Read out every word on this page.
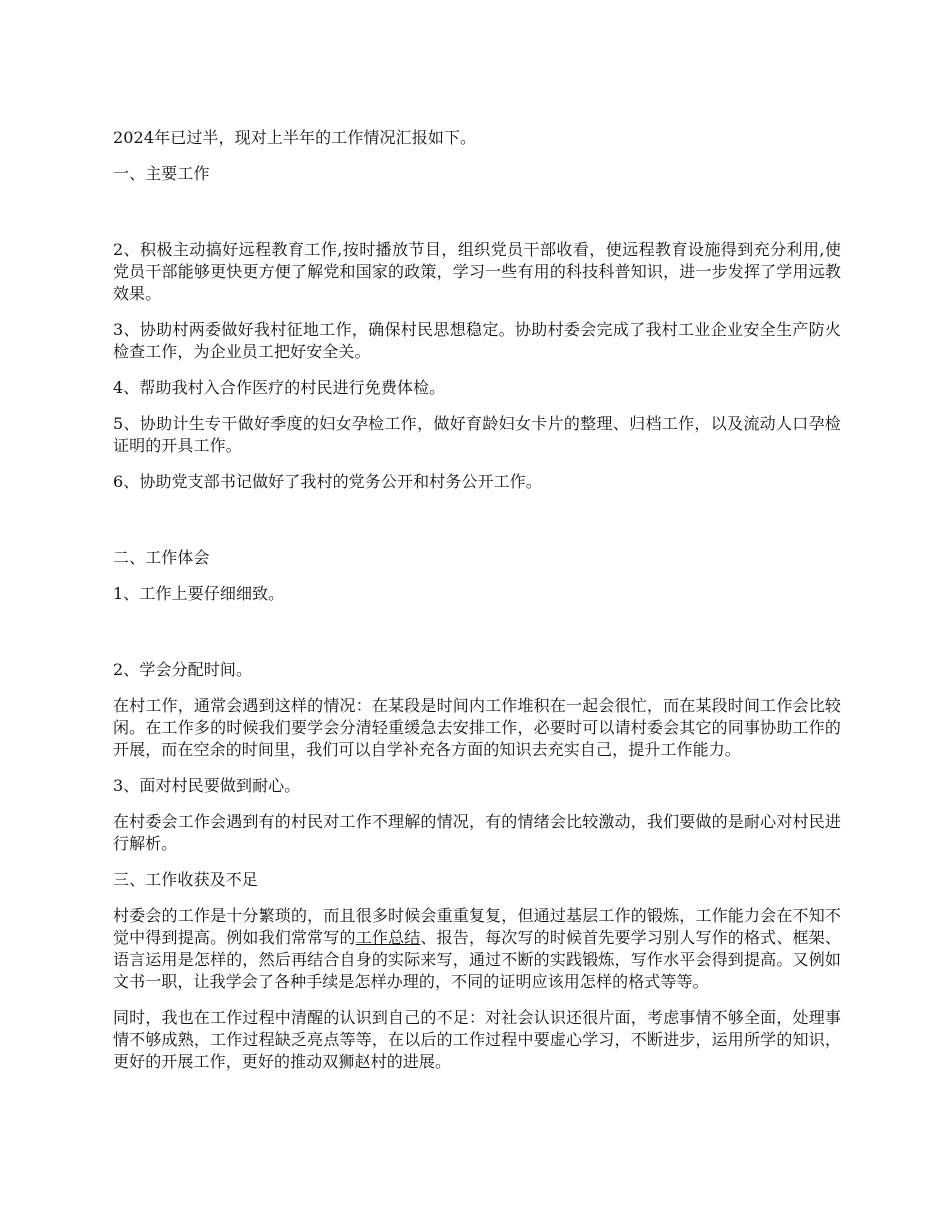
2024年已过半，现对上半年的工作情况汇报如下。

一、主要工作

2、积极主动搞好远程教育工作,按时播放节目，组织党员干部收看，使远程教育设施得到充分利用,使党员干部能够更快更方便了解党和国家的政策，学习一些有用的科技科普知识，进一步发挥了学用远教效果。

3、协助村两委做好我村征地工作，确保村民思想稳定。协助村委会完成了我村工业企业安全生产防火检查工作，为企业员工把好安全关。

4、帮助我村入合作医疗的村民进行免费体检。

5、协助计生专干做好季度的妇女孕检工作，做好育龄妇女卡片的整理、归档工作，以及流动人口孕检证明的开具工作。

6、协助党支部书记做好了我村的党务公开和村务公开工作。

二、工作体会

1、工作上要仔细细致。

2、学会分配时间。

在村工作，通常会遇到这样的情况：在某段是时间内工作堆积在一起会很忙，而在某段时间工作会比较闲。在工作多的时候我们要学会分清轻重缓急去安排工作，必要时可以请村委会其它的同事协助工作的开展，而在空余的时间里，我们可以自学补充各方面的知识去充实自己，提升工作能力。

3、面对村民要做到耐心。

在村委会工作会遇到有的村民对工作不理解的情况，有的情绪会比较激动，我们要做的是耐心对村民进行解析。

三、工作收获及不足

村委会的工作是十分繁琐的，而且很多时候会重重复复，但通过基层工作的锻炼，工作能力会在不知不觉中得到提高。例如我们常常写的工作总结、报告，每次写的时候首先要学习别人写作的格式、框架、语言运用是怎样的，然后再结合自身的实际来写，通过不断的实践锻炼，写作水平会得到提高。又例如文书一职，让我学会了各种手续是怎样办理的，不同的证明应该用怎样的格式等等。

同时，我也在工作过程中清醒的认识到自己的不足：对社会认识还很片面，考虑事情不够全面，处理事情不够成熟，工作过程缺乏亮点等等，在以后的工作过程中要虚心学习，不断进步，运用所学的知识，更好的开展工作，更好的推动双狮赵村的进展。
